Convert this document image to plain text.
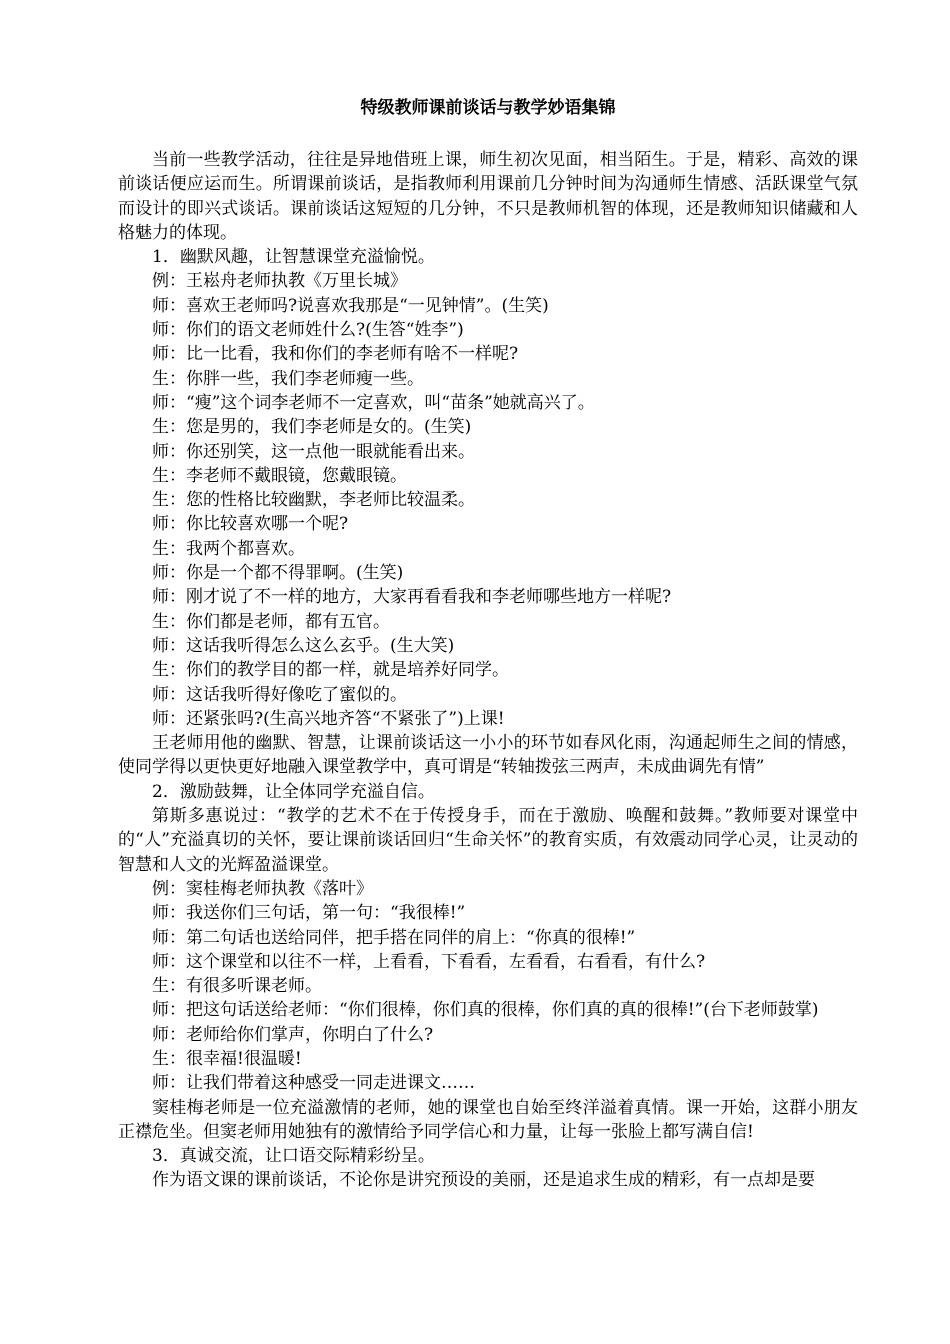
特级教师课前谈话与教学妙语集锦

当前一些教学活动，往往是异地借班上课，师生初次见面，相当陌生。于是，精彩、高效的课前谈话便应运而生。所谓课前谈话，是指教师利用课前几分钟时间为沟通师生情感、活跃课堂气氛而设计的即兴式谈话。课前谈话这短短的几分钟，不只是教师机智的体现，还是教师知识储藏和人格魅力的体现。

1．幽默风趣，让智慧课堂充溢愉悦。

例：王崧舟老师执教《万里长城》

师：喜欢王老师吗?说喜欢我那是“一见钟情”。(生笑)

师：你们的语文老师姓什么?(生答“姓李”)

师：比一比看，我和你们的李老师有啥不一样呢?

生：你胖一些，我们李老师瘦一些。

师：“瘦”这个词李老师不一定喜欢，叫“苗条”她就高兴了。

生：您是男的，我们李老师是女的。(生笑)

师：你还别笑，这一点他一眼就能看出来。

生：李老师不戴眼镜，您戴眼镜。

生：您的性格比较幽默，李老师比较温柔。

师：你比较喜欢哪一个呢?

生：我两个都喜欢。

师：你是一个都不得罪啊。(生笑)

师：刚才说了不一样的地方，大家再看看我和李老师哪些地方一样呢?

生：你们都是老师，都有五官。

师：这话我听得怎么这么玄乎。(生大笑)

生：你们的教学目的都一样，就是培养好同学。

师：这话我听得好像吃了蜜似的。

师：还紧张吗?(生高兴地齐答“不紧张了”)上课!

王老师用他的幽默、智慧，让课前谈话这一小小的环节如春风化雨，沟通起师生之间的情感，使同学得以更快更好地融入课堂教学中，真可谓是“转轴拨弦三两声，未成曲调先有情”

2．激励鼓舞，让全体同学充溢自信。

第斯多惠说过：“教学的艺术不在于传授身手，而在于激励、唤醒和鼓舞。”教师要对课堂中的“人”充溢真切的关怀，要让课前谈话回归“生命关怀”的教育实质，有效震动同学心灵，让灵动的智慧和人文的光辉盈溢课堂。

例：窦桂梅老师执教《落叶》

师：我送你们三句话，第一句：“我很棒!”

师：第二句话也送给同伴，把手搭在同伴的肩上：“你真的很棒!”

师：这个课堂和以往不一样，上看看，下看看，左看看，右看看，有什么?

生：有很多听课老师。

师：把这句话送给老师：“你们很棒，你们真的很棒，你们真的真的很棒!”(台下老师鼓掌)

师：老师给你们掌声，你明白了什么?

生：很幸福!很温暖!

师：让我们带着这种感受一同走进课文……

窦桂梅老师是一位充溢激情的老师，她的课堂也自始至终洋溢着真情。课一开始，这群小朋友正襟危坐。但窦老师用她独有的激情给予同学信心和力量，让每一张脸上都写满自信!

3．真诚交流，让口语交际精彩纷呈。

作为语文课的课前谈话，不论你是讲究预设的美丽，还是追求生成的精彩，有一点却是要
